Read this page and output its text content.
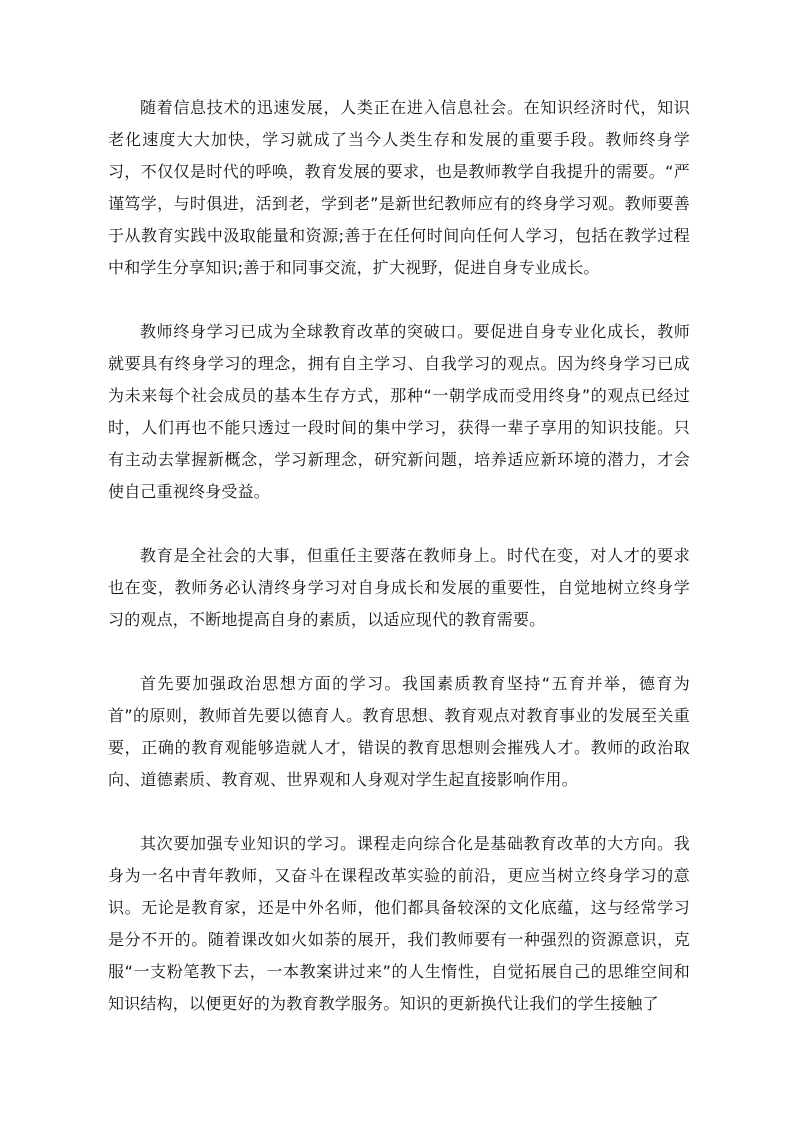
随着信息技术的迅速发展，人类正在进入信息社会。在知识经济时代，知识老化速度大大加快，学习就成了当今人类生存和发展的重要手段。教师终身学习，不仅仅是时代的呼唤，教育发展的要求，也是教师教学自我提升的需要。“严谨笃学，与时俱进，活到老，学到老”是新世纪教师应有的终身学习观。教师要善于从教育实践中汲取能量和资源;善于在任何时间向任何人学习，包括在教学过程中和学生分享知识;善于和同事交流，扩大视野，促进自身专业成长。

教师终身学习已成为全球教育改革的突破口。要促进自身专业化成长，教师就要具有终身学习的理念，拥有自主学习、自我学习的观点。因为终身学习已成为未来每个社会成员的基本生存方式，那种“一朝学成而受用终身”的观点已经过时，人们再也不能只透过一段时间的集中学习，获得一辈子享用的知识技能。只有主动去掌握新概念，学习新理念，研究新问题，培养适应新环境的潜力，才会使自己重视终身受益。

教育是全社会的大事，但重任主要落在教师身上。时代在变，对人才的要求也在变，教师务必认清终身学习对自身成长和发展的重要性，自觉地树立终身学习的观点，不断地提高自身的素质，以适应现代的教育需要。

首先要加强政治思想方面的学习。我国素质教育坚持“五育并举，德育为首”的原则，教师首先要以德育人。教育思想、教育观点对教育事业的发展至关重要，正确的教育观能够造就人才，错误的教育思想则会摧残人才。教师的政治取向、道德素质、教育观、世界观和人身观对学生起直接影响作用。

其次要加强专业知识的学习。课程走向综合化是基础教育改革的大方向。我身为一名中青年教师，又奋斗在课程改革实验的前沿，更应当树立终身学习的意识。无论是教育家，还是中外名师，他们都具备较深的文化底蕴，这与经常学习是分不开的。随着课改如火如荼的展开，我们教师要有一种强烈的资源意识，克服“一支粉笔教下去，一本教案讲过来”的人生惰性，自觉拓展自己的思维空间和知识结构，以便更好的为教育教学服务。知识的更新换代让我们的学生接触了
